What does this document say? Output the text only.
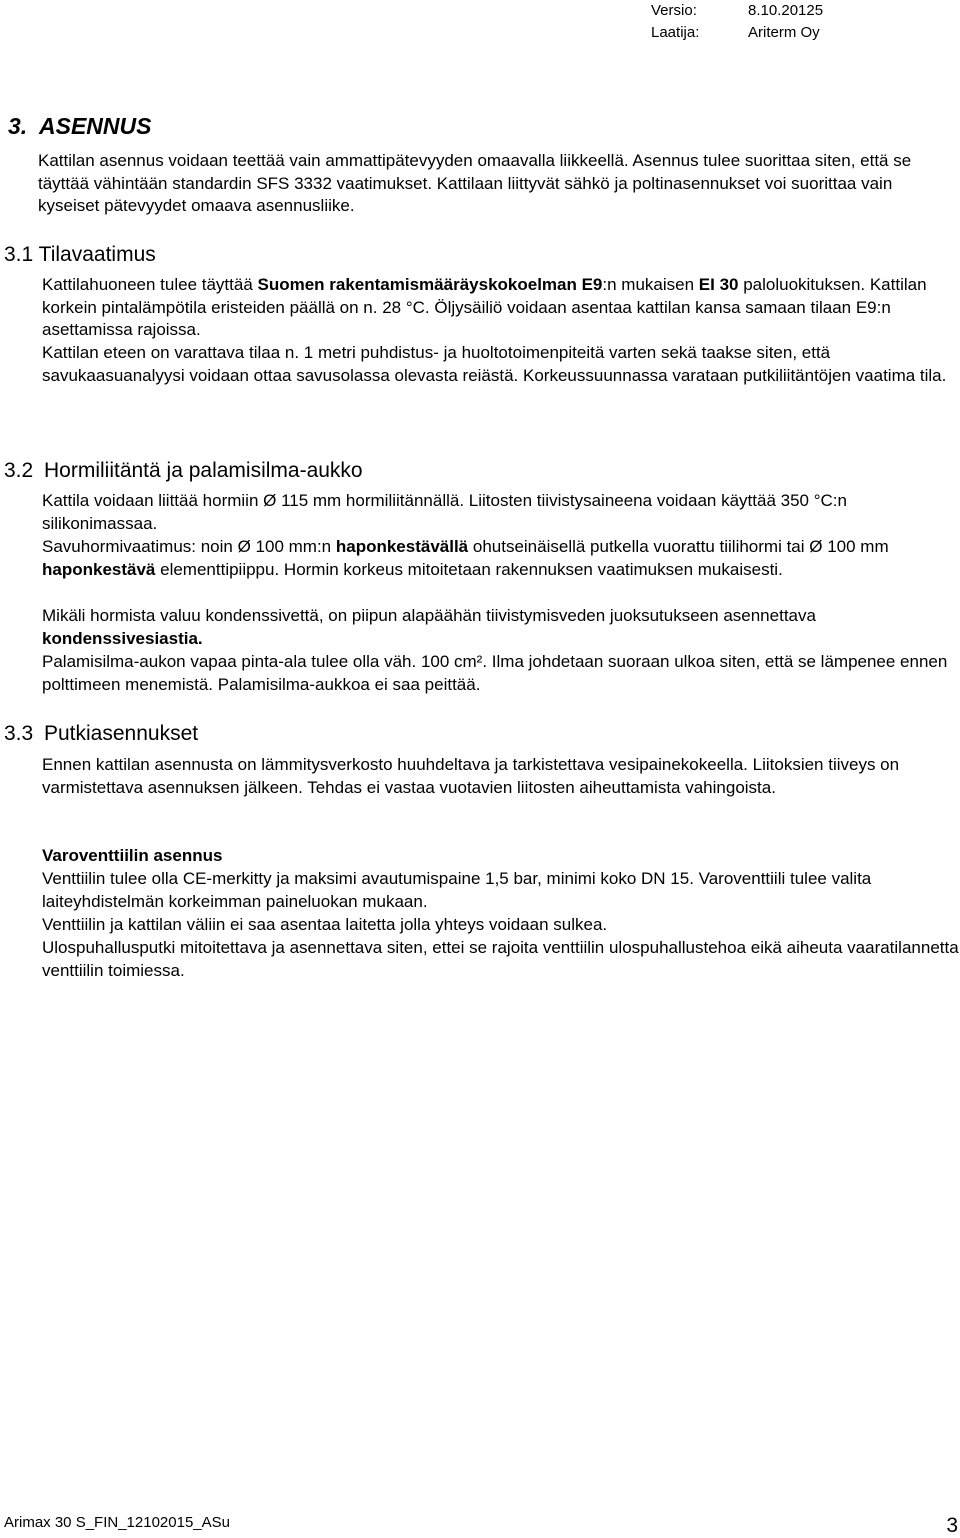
Versio:
Laatija:
8.10.20125
Ariterm Oy
3. ASENNUS
Kattilan asennus voidaan teettää vain ammattipätevyyden omaavalla liikkeellä. Asennus tulee suorittaa siten, että se täyttää vähintään standardin SFS 3332 vaatimukset. Kattilaan liittyvät sähkö ja poltinasennukset voi suorittaa vain kyseiset pätevyydet omaava asennusliike.
3.1 Tilavaatimus
Kattilahuoneen tulee täyttää Suomen rakentamismääräyskokoelman E9:n mukaisen EI 30 paloluokituksen. Kattilan korkein pintalämpötila eristeiden päällä on n. 28 °C. Öljysäiliö voidaan asentaa kattilan kansa samaan tilaan E9:n asettamissa rajoissa.
Kattilan eteen on varattava tilaa n. 1 metri puhdistus- ja huoltotoimenpiteitä varten sekä taakse siten, että savukaasuanalyysi voidaan ottaa savusolassa olevasta reiästä. Korkeussuunnassa varataan putkiliitäntöjen vaatima tila.
3.2 Hormiliitäntä ja palamisilma-aukko
Kattila voidaan liittää hormiin Ø 115 mm hormiliitännällä. Liitosten tiivistysaineena voidaan käyttää 350 °C:n silikonimassaa.
Savuhormivaatimus: noin Ø 100 mm:n haponkestävällä ohutseinäisellä putkella vuorattu tiilihormi tai Ø 100 mm haponkestävä elementtipiippu. Hormin korkeus mitoitetaan rakennuksen vaatimuksen mukaisesti.
Mikäli hormista valuu kondenssivettä, on piipun alapäähän tiivistymisveden juoksutukseen asennettava kondenssivesiastia.
Palamisilma-aukon vapaa pinta-ala tulee olla väh. 100 cm². Ilma johdetaan suoraan ulkoa siten, että se lämpenee ennen polttimeen menemistä. Palamisilma-aukkoa ei saa peittää.
3.3 Putkiasennukset
Ennen kattilan asennusta on lämmitysverkosto huuhdeltava ja tarkistettava vesipainekokeella. Liitoksien tiiveys on varmistettava asennuksen jälkeen. Tehdas ei vastaa vuotavien liitosten aiheuttamista vahingoista.
Varoventtiilin asennus
Venttiilin tulee olla CE-merkitty ja maksimi avautumispaine 1,5 bar, minimi koko DN 15. Varoventtiili tulee valita laiteyhdistelmän korkeimman paineluokan mukaan.
Venttiilin ja kattilan väliin ei saa asentaa laitetta jolla yhteys voidaan sulkea.
Ulospuhallusputki mitoitettava ja asennettava siten, ettei se rajoita venttiilin ulospuhallustehoa eikä aiheuta vaaratilannetta venttiilin toimiessa.
Arimax 30 S_FIN_12102015_ASu	3
